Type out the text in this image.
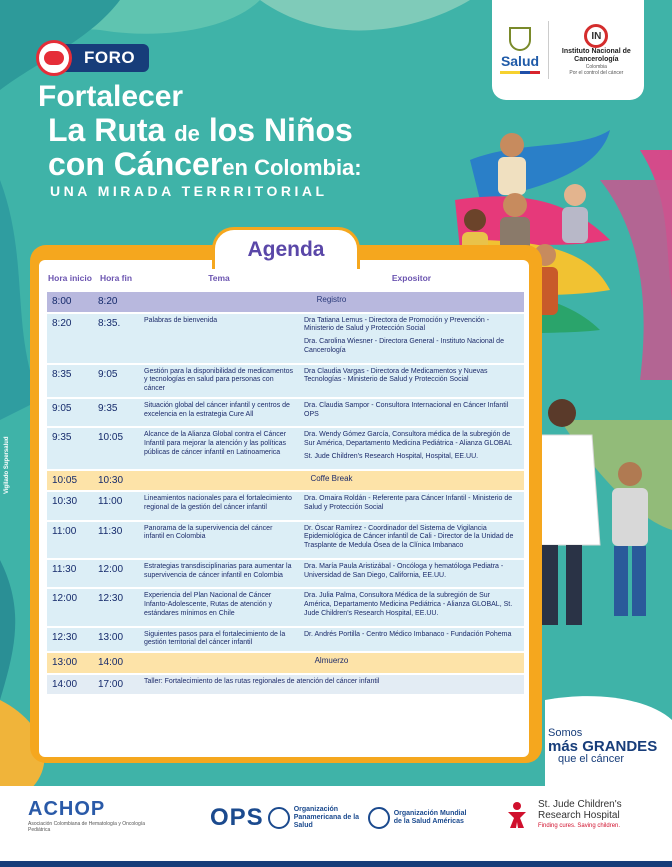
FORO
Fortalecer
La Ruta de los Niños
con Cánceren Colombia:
UNA MIRADA TERRRITORIAL
Salud
IN
Instituto Nacional de Cancerología
Colombia
Por el control del cáncer
Vigilado Supersalud
Agenda
Hora inicio	Hora fin	Tema	Expositor
8:00	8:20	Registro	
8:20	8:35.	Palabras de bienvenida	Dra Tatiana Lemus - Directora de Promoción y Prevención - Ministerio de Salud y Protección Social

Dra. Carolina Wiesner - Directora General - Instituto Nacional de Cancerología

8:35	9:05	Gestión para la disponibilidad de medicamentos y tecnologías en salud para personas con cáncer	Dra Claudia Vargas - Directora de Medicamentos y Nuevas Tecnologías - Ministerio de Salud y Protección Social

9:05	9:35	Situación global del cáncer infantil y centros de excelencia en la estrategia Cure All	Dra. Claudia Sampor - Consultora Internacional en Cáncer Infantil OPS

9:35	10:05	Alcance de la Alianza Global contra el Cáncer Infantil para mejorar la atención y las políticas públicas de cáncer infantil en Latinoamerica	Dra. Wendy Gómez García, Consultora médica de la subregión de Sur América, Departamento Medicina Pediátrica - Alianza GLOBAL

St. Jude Children's Research Hospital, Hospital, EE.UU.

10:05	10:30	Coffe Break	
10:30	11:00	Lineamientos nacionales para el fortalecimiento regional de la gestión del cáncer infantil	Dra. Omaira Roldán - Referente para Cáncer Infantil - Ministerio de Salud y Protección Social

11:00	11:30	Panorama de la supervivencia del cáncer infantil en Colombia	Dr. Óscar Ramírez - Coordinador del Sistema de Vigilancia Epidemiológica de Cáncer infantil de Cali - Director de la Unidad de Trasplante de Medula Ósea de la Clínica Imbanaco

11:30	12:00	Estrategias transdisciplinarias para aumentar la supervivencia de cáncer infantil en Colombia	Dra. María Paula Aristizábal - Oncóloga y hematóloga Pediatra - Universidad de San Diego, California, EE.UU.

12:00	12:30	Experiencia del Plan Nacional de Cáncer Infanto-Adolescente, Rutas de atención y estándares mínimos en Chile	Dra. Julia Palma, Consultora Médica de la subregión de Sur América, Departamento Medicina Pediátrica - Alianza GLOBAL, St. Jude Children's Research Hospital, EE.UU.

12:30	13:00	Siguientes pasos para el fortalecimiento de la gestión territorial del cáncer infantil	Dr. Andrés Portilla - Centro Médico Imbanaco - Fundación Pohema

13:00	14:00	Almuerzo	
14:00	17:00	Taller: Fortalecimiento de las rutas regionales de atención del cáncer infantil	
Somos
más GRANDES
que el cáncer
ACHOP
Asociación Colombiana de Hematología y Oncología Pediátrica	OPS	Organización Panamericana de la Salud
Organización Mundial de la Salud Américas
St. Jude Children's Research Hospital
Finding cures. Saving children.
